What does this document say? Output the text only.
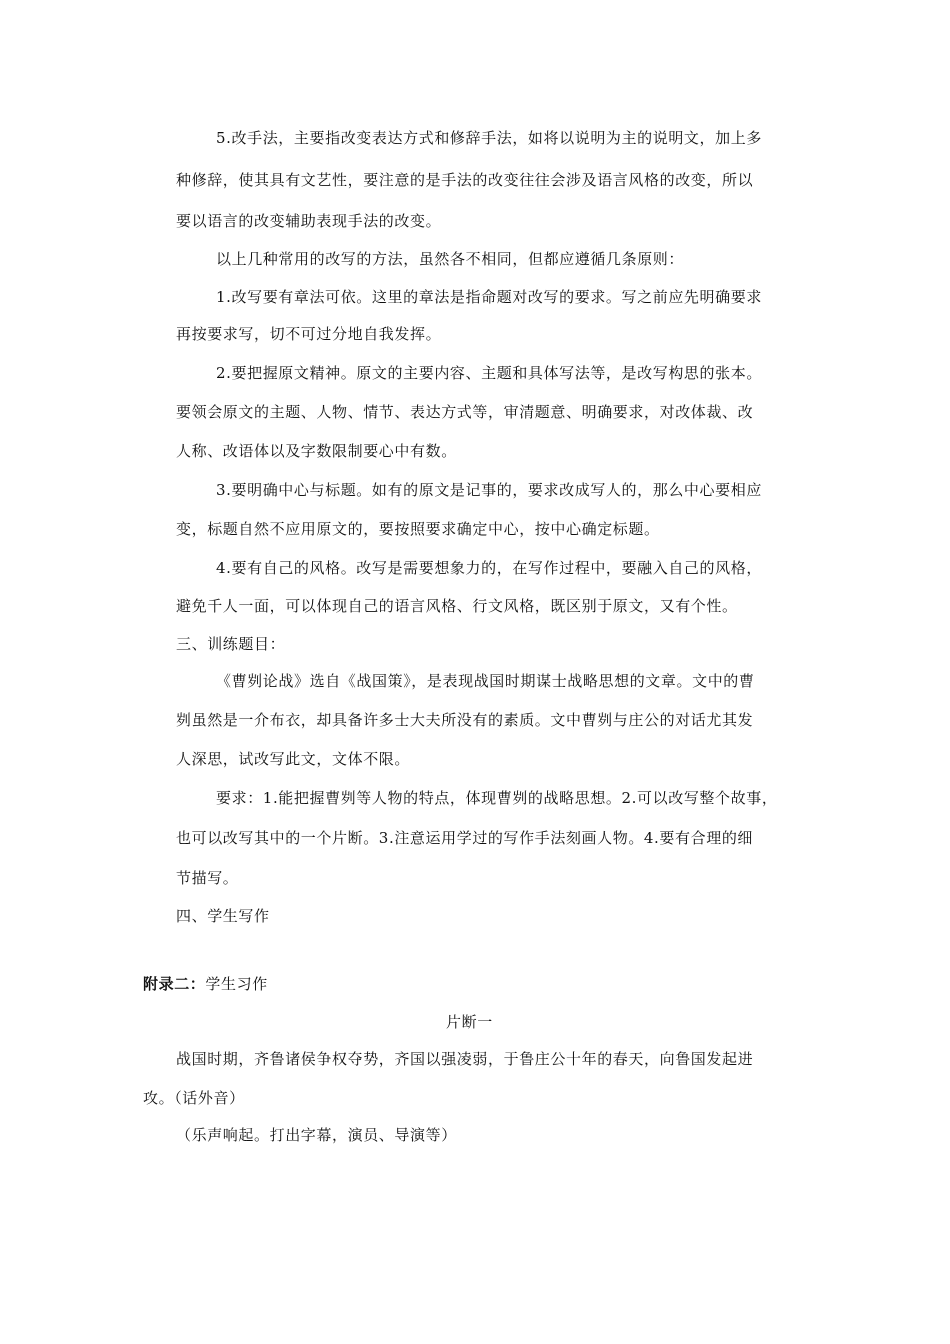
5.改手法，主要指改变表达方式和修辞手法，如将以说明为主的说明文，加上多
种修辞，使其具有文艺性，要注意的是手法的改变往往会涉及语言风格的改变，所以
要以语言的改变辅助表现手法的改变。
以上几种常用的改写的方法，虽然各不相同，但都应遵循几条原则：
1.改写要有章法可依。这里的章法是指命题对改写的要求。写之前应先明确要求
再按要求写，切不可过分地自我发挥。
2.要把握原文精神。原文的主要内容、主题和具体写法等，是改写构思的张本。
要领会原文的主题、人物、情节、表达方式等，审清题意、明确要求，对改体裁、改
人称、改语体以及字数限制要心中有数。
3.要明确中心与标题。如有的原文是记事的，要求改成写人的，那么中心要相应
变，标题自然不应用原文的，要按照要求确定中心，按中心确定标题。
4.要有自己的风格。改写是需要想象力的，在写作过程中，要融入自己的风格，
避免千人一面，可以体现自己的语言风格、行文风格，既区别于原文，又有个性。
三、训练题目：
《曹刿论战》选自《战国策》，是表现战国时期谋士战略思想的文章。文中的曹
刿虽然是一介布衣，却具备许多士大夫所没有的素质。文中曹刿与庄公的对话尤其发
人深思，试改写此文，文体不限。
要求：1.能把握曹刿等人物的特点，体现曹刿的战略思想。2.可以改写整个故事，
也可以改写其中的一个片断。3.注意运用学过的写作手法刻画人物。4.要有合理的细
节描写。
四、学生写作
附录二：学生习作
片断一
战国时期，齐鲁诸侯争权夺势，齐国以强凌弱，于鲁庄公十年的春天，向鲁国发起进
攻。（话外音）
（乐声响起。打出字幕，演员、导演等）
